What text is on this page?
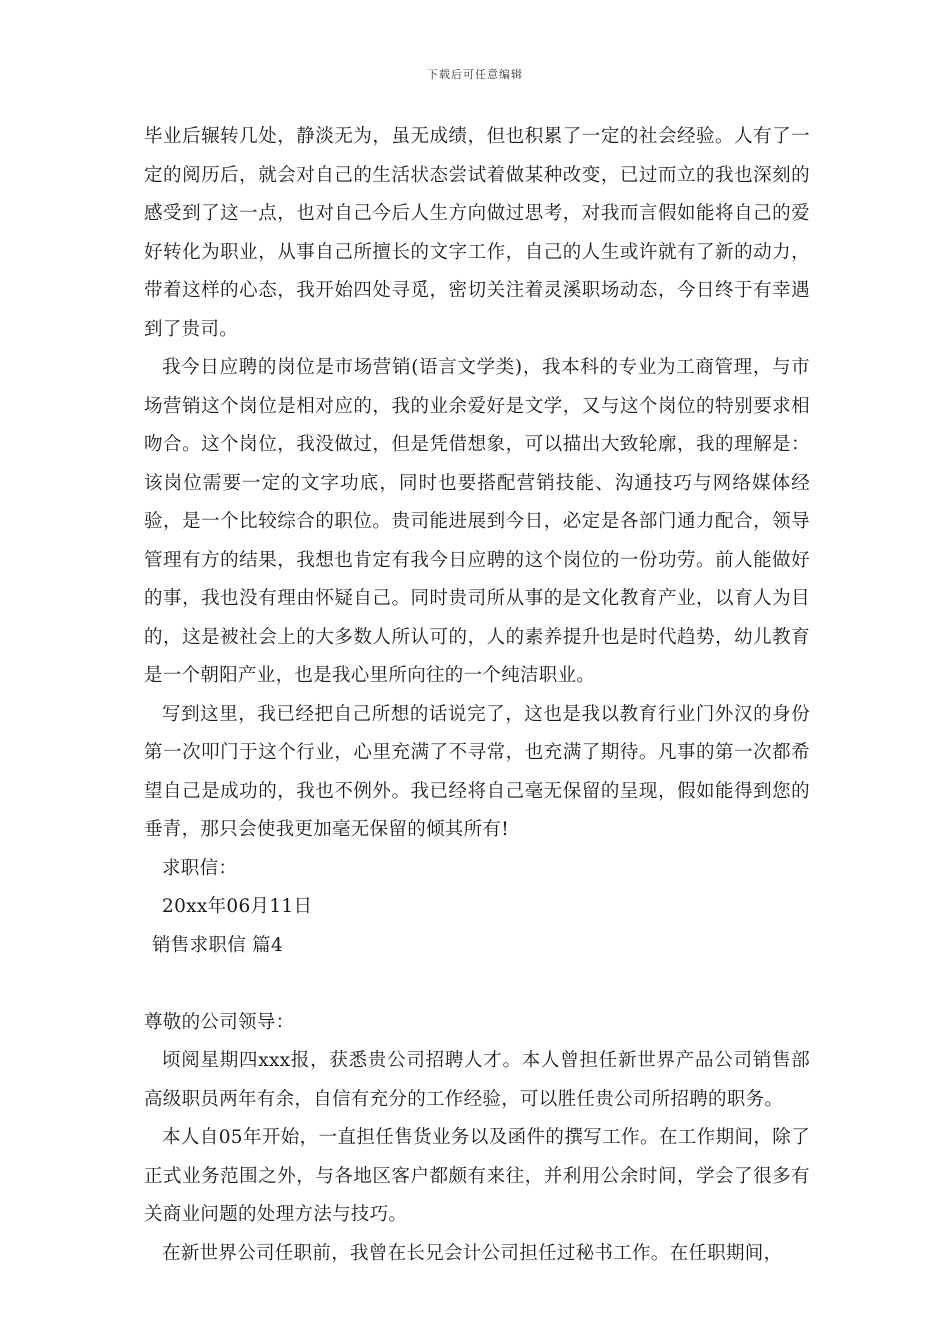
下载后可任意编辑

毕业后辗转几处，静淡无为，虽无成绩，但也积累了一定的社会经验。人有了一定的阅历后，就会对自己的生活状态尝试着做某种改变，已过而立的我也深刻的感受到了这一点，也对自己今后人生方向做过思考，对我而言假如能将自己的爱好转化为职业，从事自己所擅长的文字工作，自己的人生或许就有了新的动力，带着这样的心态，我开始四处寻觅，密切关注着灵溪职场动态，今日终于有幸遇到了贵司。

我今日应聘的岗位是市场营销(语言文学类)，我本科的专业为工商管理，与市场营销这个岗位是相对应的，我的业余爱好是文学，又与这个岗位的特别要求相吻合。这个岗位，我没做过，但是凭借想象，可以描出大致轮廓，我的理解是：该岗位需要一定的文字功底，同时也要搭配营销技能、沟通技巧与网络媒体经验，是一个比较综合的职位。贵司能进展到今日，必定是各部门通力配合，领导管理有方的结果，我想也肯定有我今日应聘的这个岗位的一份功劳。前人能做好的事，我也没有理由怀疑自己。同时贵司所从事的是文化教育产业，以育人为目的，这是被社会上的大多数人所认可的，人的素养提升也是时代趋势，幼儿教育是一个朝阳产业，也是我心里所向往的一个纯洁职业。

写到这里，我已经把自己所想的话说完了，这也是我以教育行业门外汉的身份第一次叩门于这个行业，心里充满了不寻常，也充满了期待。凡事的第一次都希望自己是成功的，我也不例外。我已经将自己毫无保留的呈现，假如能得到您的垂青，那只会使我更加毫无保留的倾其所有!

求职信：

20xx年06月11日

销售求职信 篇4

尊敬的公司领导：

顷阅星期四xxx报，获悉贵公司招聘人才。本人曾担任新世界产品公司销售部高级职员两年有余，自信有充分的工作经验，可以胜任贵公司所招聘的职务。

本人自05年开始，一直担任售货业务以及函件的撰写工作。在工作期间，除了正式业务范围之外，与各地区客户都颇有来往，并利用公余时间，学会了很多有关商业问题的处理方法与技巧。

在新世界公司任职前，我曾在长兄会计公司担任过秘书工作。在任职期间，
